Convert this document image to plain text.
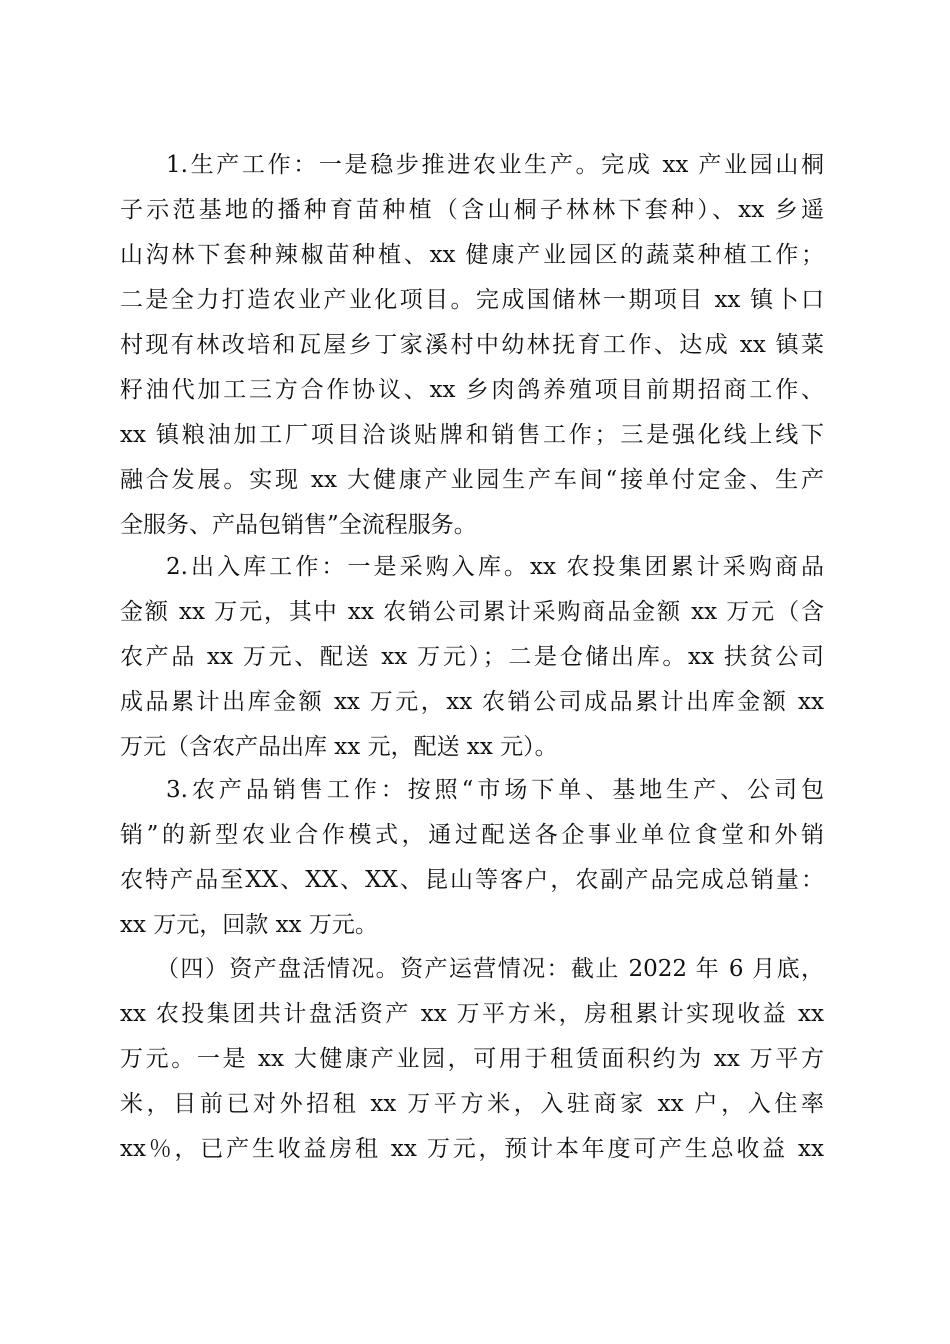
1.生产工作：一是稳步推进农业生产。完成 xx 产业园山桐
子示范基地的播种育苗种植（含山桐子林林下套种）、xx 乡遥
山沟林下套种辣椒苗种植、xx 健康产业园区的蔬菜种植工作；
二是全力打造农业产业化项目。完成国储林一期项目 xx 镇卜口
村现有林改培和瓦屋乡丁家溪村中幼林抚育工作、达成 xx 镇菜
籽油代加工三方合作协议、xx 乡肉鸽养殖项目前期招商工作、
xx 镇粮油加工厂项目洽谈贴牌和销售工作；三是强化线上线下
融合发展。实现 xx 大健康产业园生产车间“接单付定金、生产
全服务、产品包销售”全流程服务。
2.出入库工作：一是采购入库。xx 农投集团累计采购商品
金额 xx 万元，其中 xx 农销公司累计采购商品金额 xx 万元（含
农产品 xx 万元、配送 xx 万元）；二是仓储出库。xx 扶贫公司
成品累计出库金额 xx 万元，xx 农销公司成品累计出库金额 xx
万元（含农产品出库 xx 元，配送 xx 元）。
3.农产品销售工作：按照“市场下单、基地生产、公司包
销”的新型农业合作模式，通过配送各企事业单位食堂和外销
农特产品至XX、XX、XX、昆山等客户，农副产品完成总销量：
xx 万元，回款 xx 万元。
（四）资产盘活情况。资产运营情况：截止 2022 年 6 月底，
xx 农投集团共计盘活资产 xx 万平方米，房租累计实现收益 xx
万元。一是 xx 大健康产业园，可用于租赁面积约为 xx 万平方
米，目前已对外招租 xx 万平方米，入驻商家 xx 户，入住率
xx％，已产生收益房租 xx 万元，预计本年度可产生总收益 xx
